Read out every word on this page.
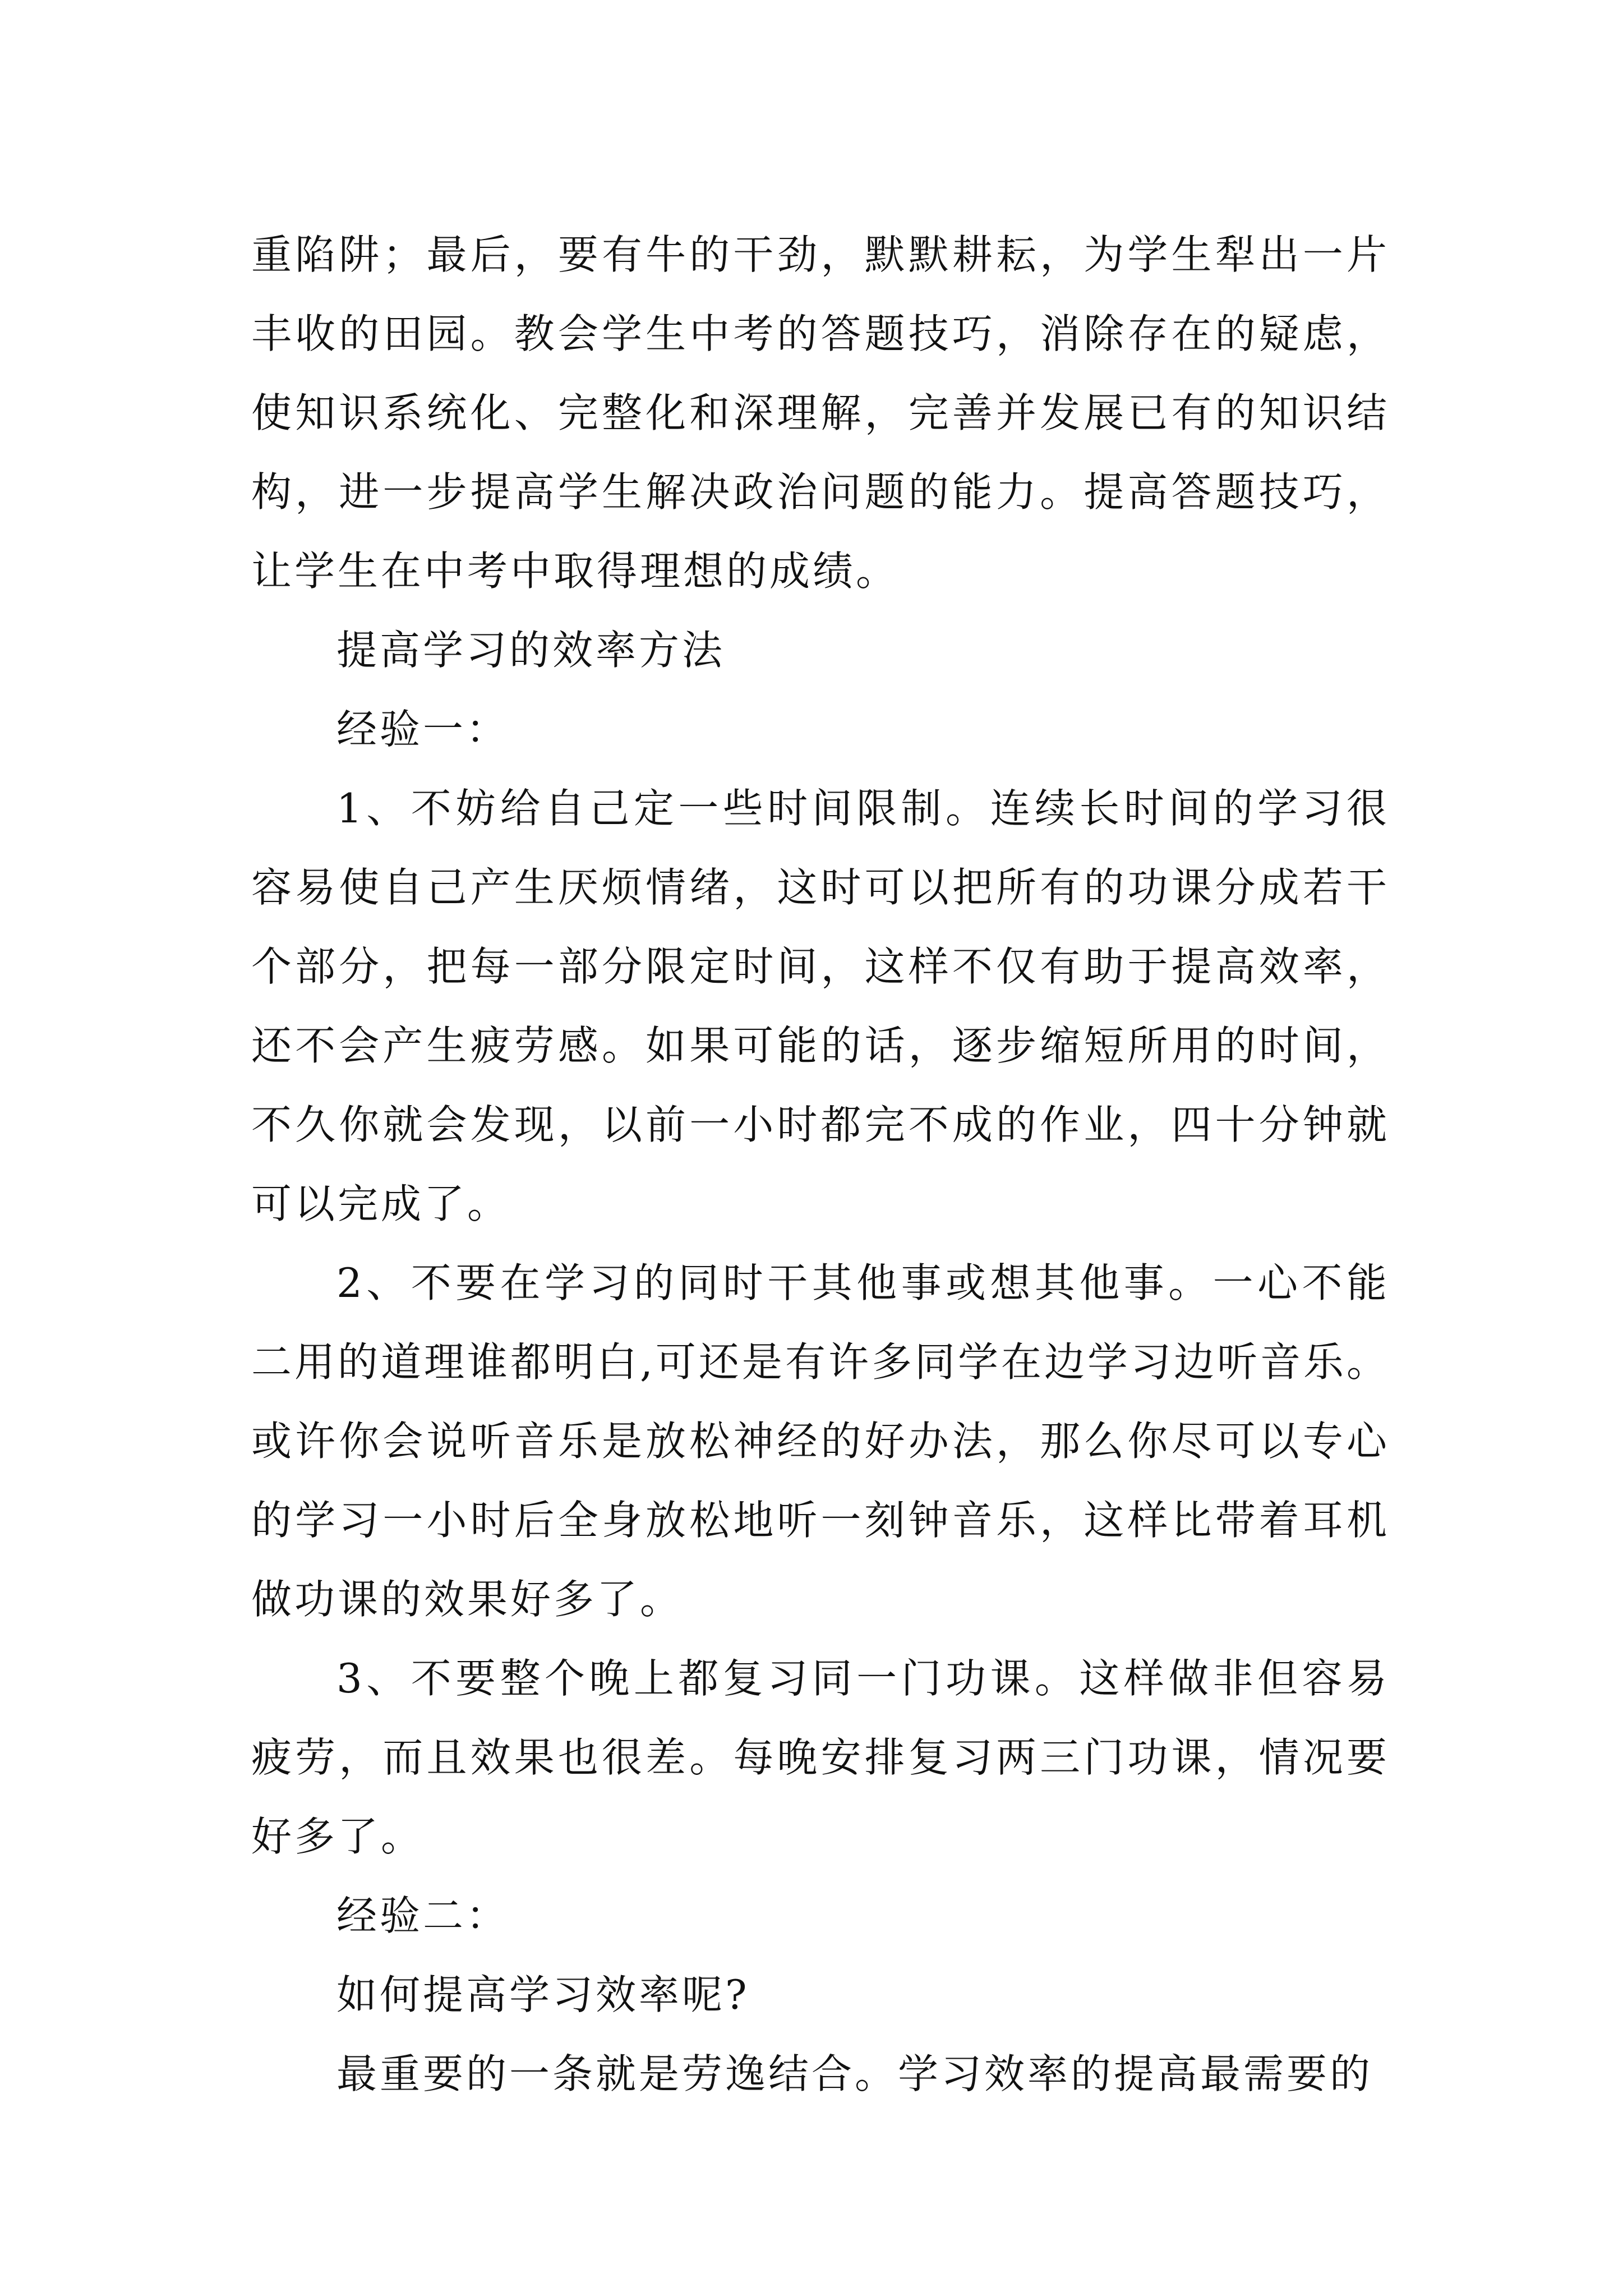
重陷阱；最后，要有牛的干劲，默默耕耘，为学生犁出一片丰收的田园。教会学生中考的答题技巧，消除存在的疑虑，使知识系统化、完整化和深理解，完善并发展已有的知识结构，进一步提高学生解决政治问题的能力。提高答题技巧，让学生在中考中取得理想的成绩。

提高学习的效率方法

经验一：

1、不妨给自己定一些时间限制。连续长时间的学习很容易使自己产生厌烦情绪，这时可以把所有的功课分成若干个部分，把每一部分限定时间，这样不仅有助于提高效率，还不会产生疲劳感。如果可能的话，逐步缩短所用的时间，不久你就会发现，以前一小时都完不成的作业，四十分钟就可以完成了。

2、不要在学习的同时干其他事或想其他事。一心不能二用的道理谁都明白,可还是有许多同学在边学习边听音乐。或许你会说听音乐是放松神经的好办法，那么你尽可以专心的学习一小时后全身放松地听一刻钟音乐，这样比带着耳机做功课的效果好多了。

3、不要整个晚上都复习同一门功课。这样做非但容易疲劳，而且效果也很差。每晚安排复习两三门功课，情况要好多了。

经验二：

如何提高学习效率呢?

最重要的一条就是劳逸结合。学习效率的提高最需要的
